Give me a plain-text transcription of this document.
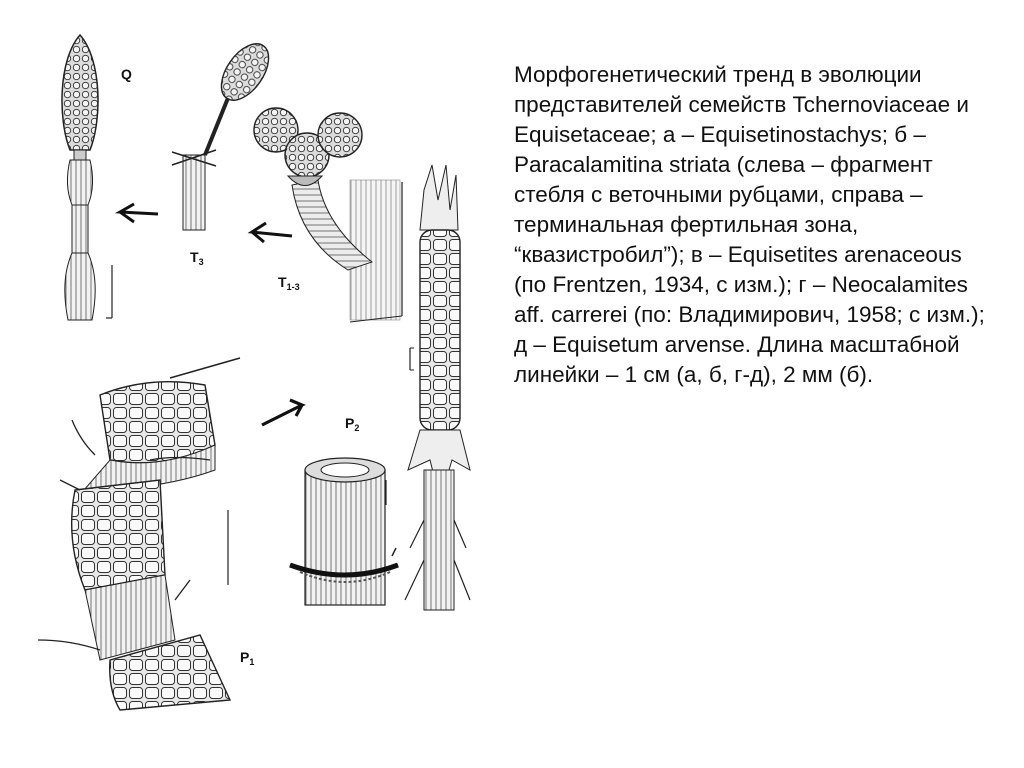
Q
$T_3$
$T_{1-3}$
$P_2$
$P_1$
Морфогенетический тренд в эволюции представителей семейств Tchernoviaceae и Equisetaceae; а – Equisetinostachys; б – Paracalamitina striata (слева – фрагмент стебля с веточными рубцами, справа – терминальная фертильная зона, “квазистробил”); в – Equisetites arenaceous (по Frentzen, 1934, с изм.); г – Neocalamites aff. carrerei (по: Владимирович, 1958; с изм.); д – Equisetum arvense. Длина масштабной линейки – 1 см (а, б, г-д), 2 мм (б).
